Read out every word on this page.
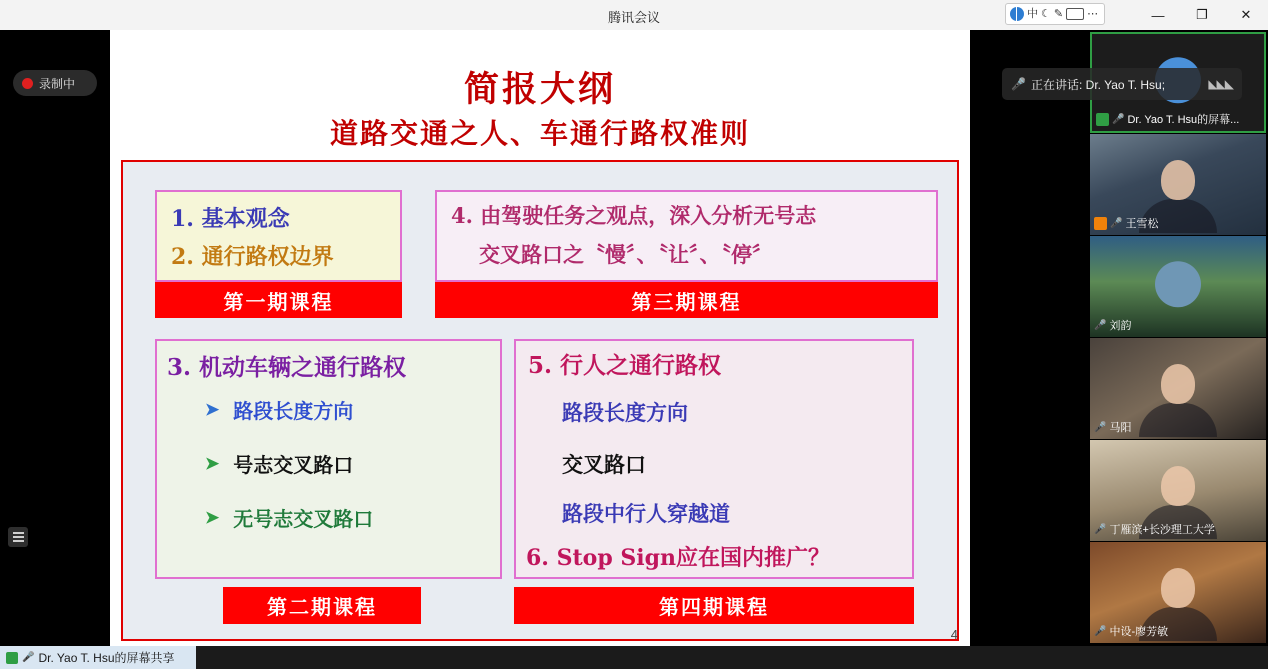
腾讯会议	中 ☾ ✎ ⋯	—	❐	✕
录制中	简报大纲
道路交通之人、车通行路权准则
1. 基本观念
2. 通行路权边界
第一期课程
4. 由驾驶任务之观点，深入分析无号志
交叉路口之〝慢〞、〝让〞、〝停〞
第三期课程
3. 机动车辆之通行路权
➤ 路段长度方向
➤ 号志交叉路口
➤ 无号志交叉路口
第二期课程
5. 行人之通行路权
路段长度方向
交叉路口
路段中行人穿越道
6. Stop Sign应在国内推广？
第四期课程
4
🎤 正在讲话: Dr. Yao T. Hsu;	◣◣◣
🎤 Dr. Yao T. Hsu的屏幕...
🎤 王雪松
🎤 刘韵
🎤 马阳
🎤 丁雁滨+长沙理工大学
🎤 中设-廖芳敏
🎤 Dr. Yao T. Hsu的屏幕共享
